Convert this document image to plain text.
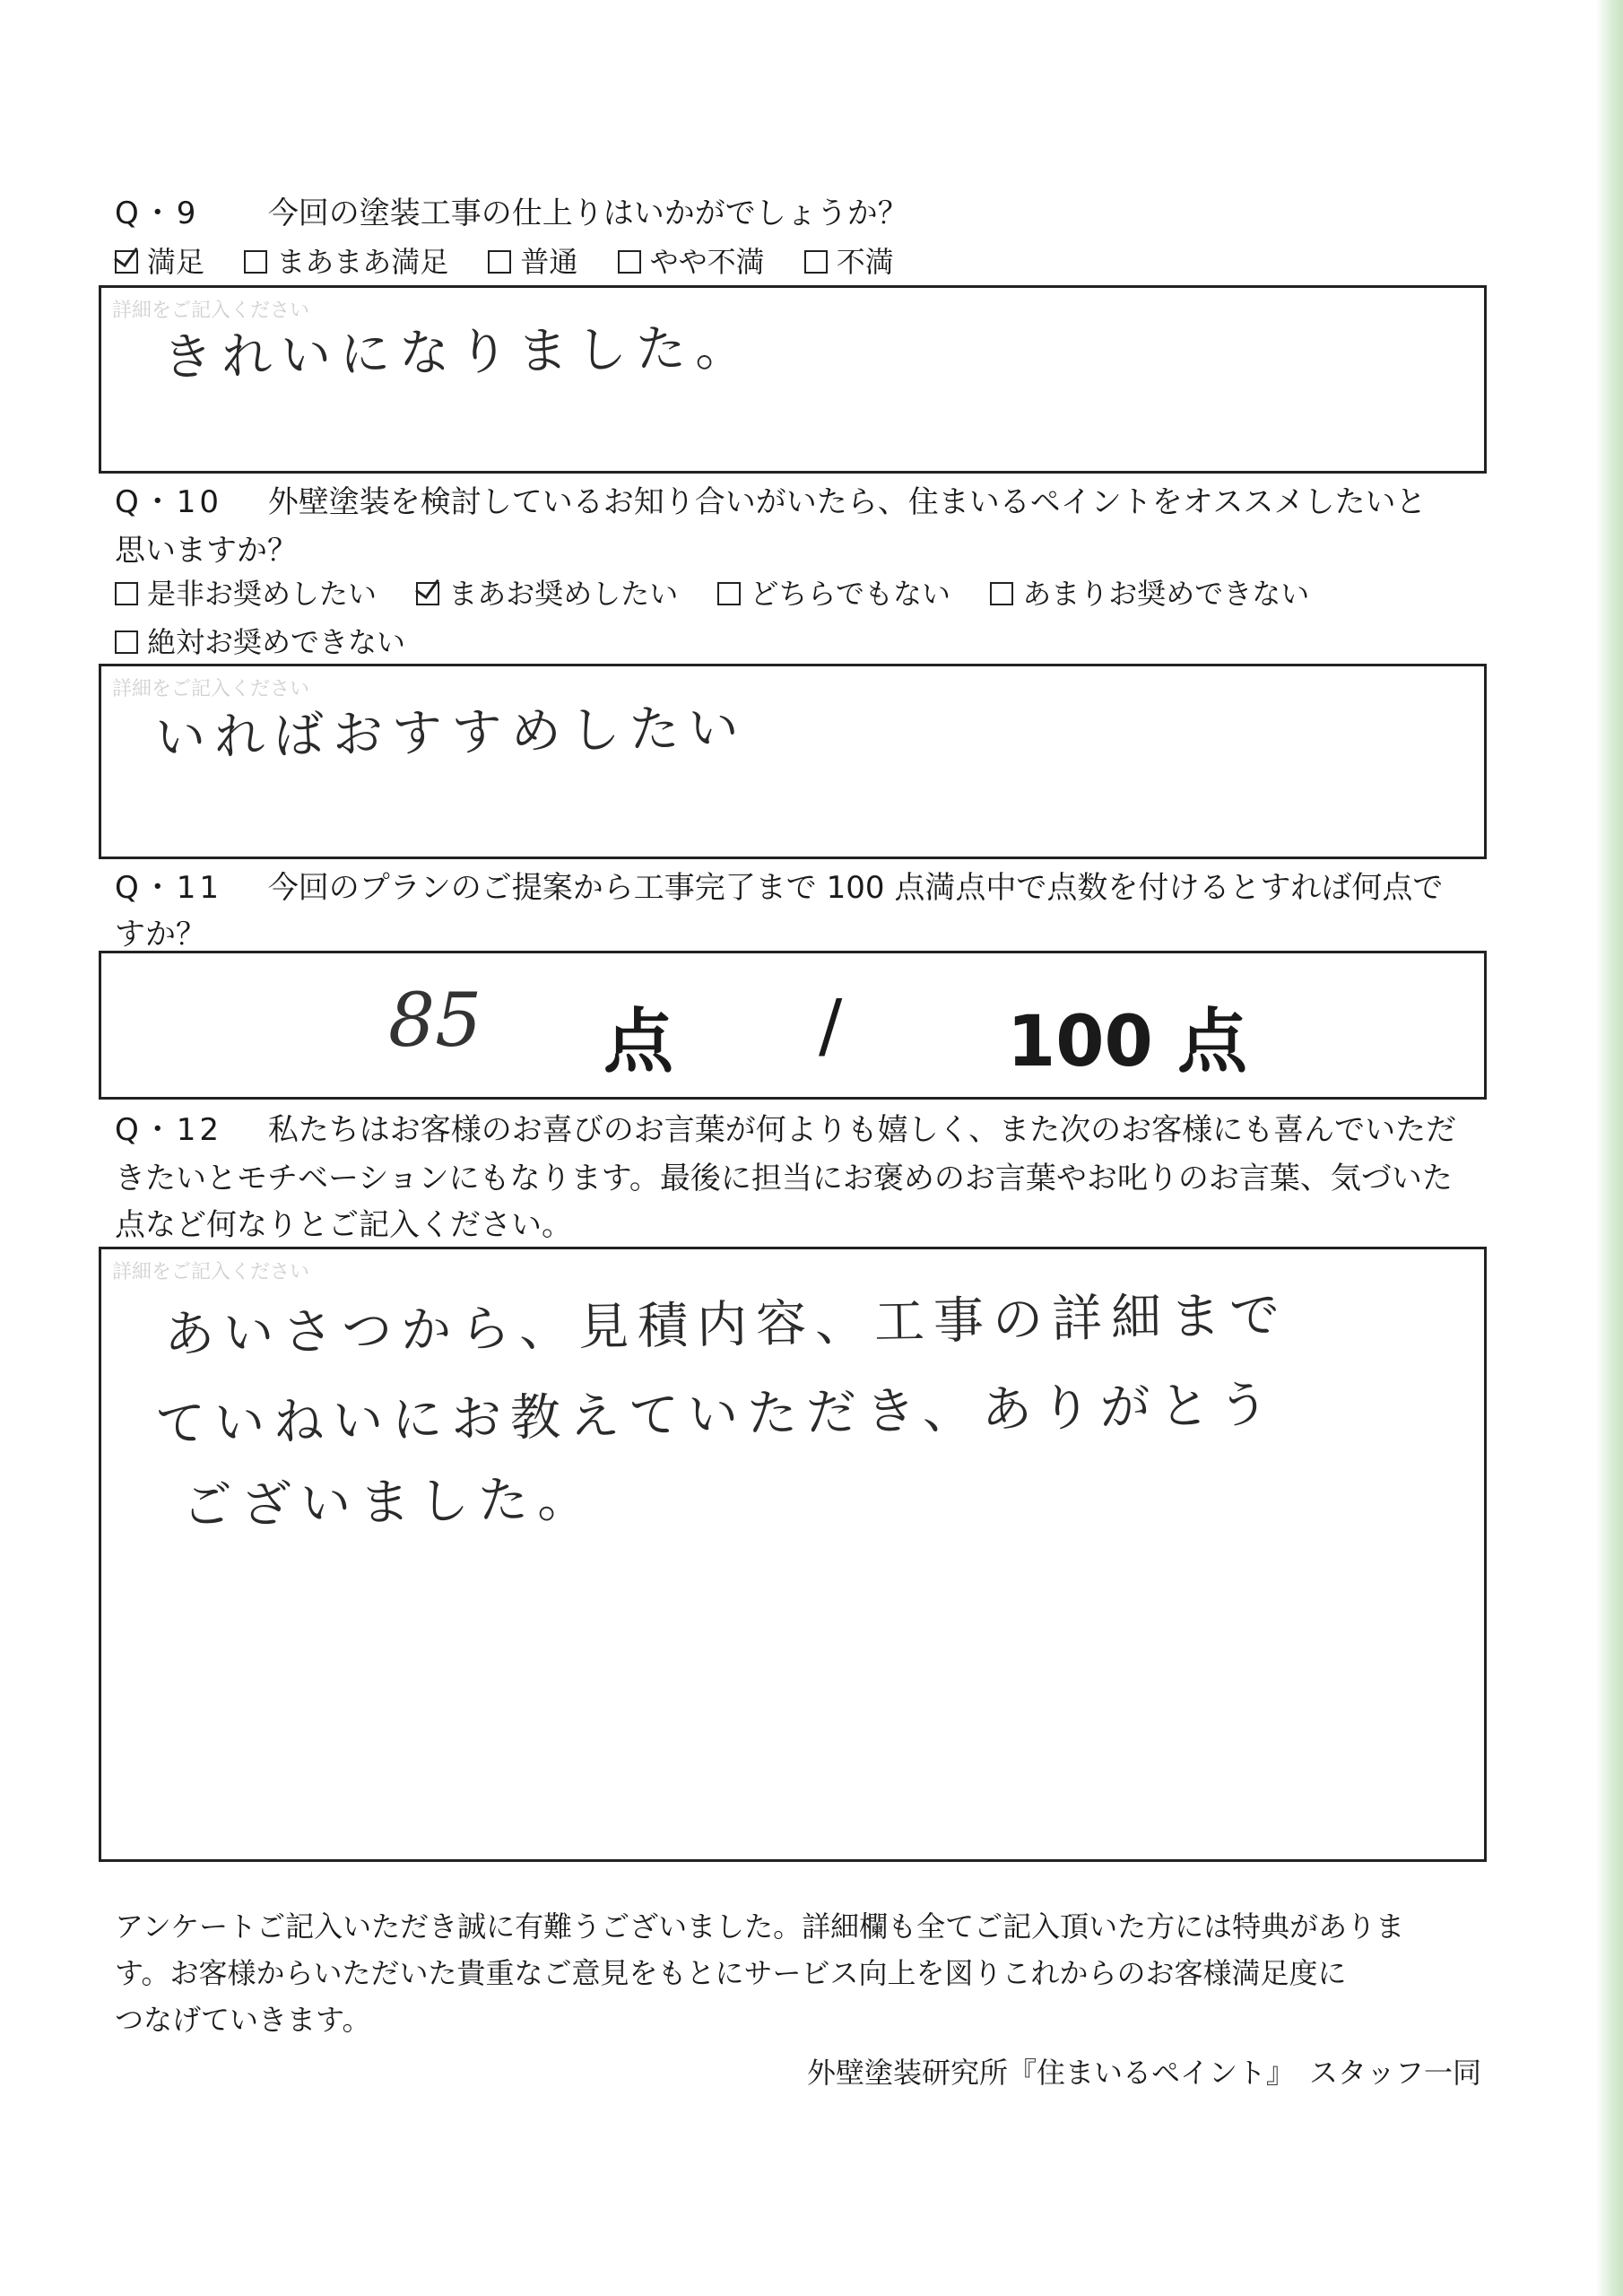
Q・9 今回の塗装工事の仕上りはいかがでしょうか？
満足	まあまあ満足	普通	やや不満	不満
詳細をご記入ください
きれいになりました。
Q・10 外壁塗装を検討しているお知り合いがいたら、住まいるペイントをオススメしたいと
思いますか？
是非お奨めしたい	まあお奨めしたい	どちらでもない	あまりお奨めできない
絶対お奨めできない
詳細をご記入ください
いればおすすめしたい
Q・11 今回のプランのご提案から工事完了まで 100 点満点中で点数を付けるとすれば何点で
すか？
85 点 / 100 点
Q・12 私たちはお客様のお喜びのお言葉が何よりも嬉しく、また次のお客様にも喜んでいただ
きたいとモチベーションにもなります。最後に担当にお褒めのお言葉やお叱りのお言葉、気づいた
点など何なりとご記入ください。
詳細をご記入ください
あいさつから、見積内容、工事の詳細まで
ていねいにお教えていただき、ありがとう
ございました。
アンケートご記入いただき誠に有難うございました。詳細欄も全てご記入頂いた方には特典がありま
す。お客様からいただいた貴重なご意見をもとにサービス向上を図りこれからのお客様満足度に
つなげていきます。
外壁塗装研究所『住まいるペイント』　スタッフ一同
